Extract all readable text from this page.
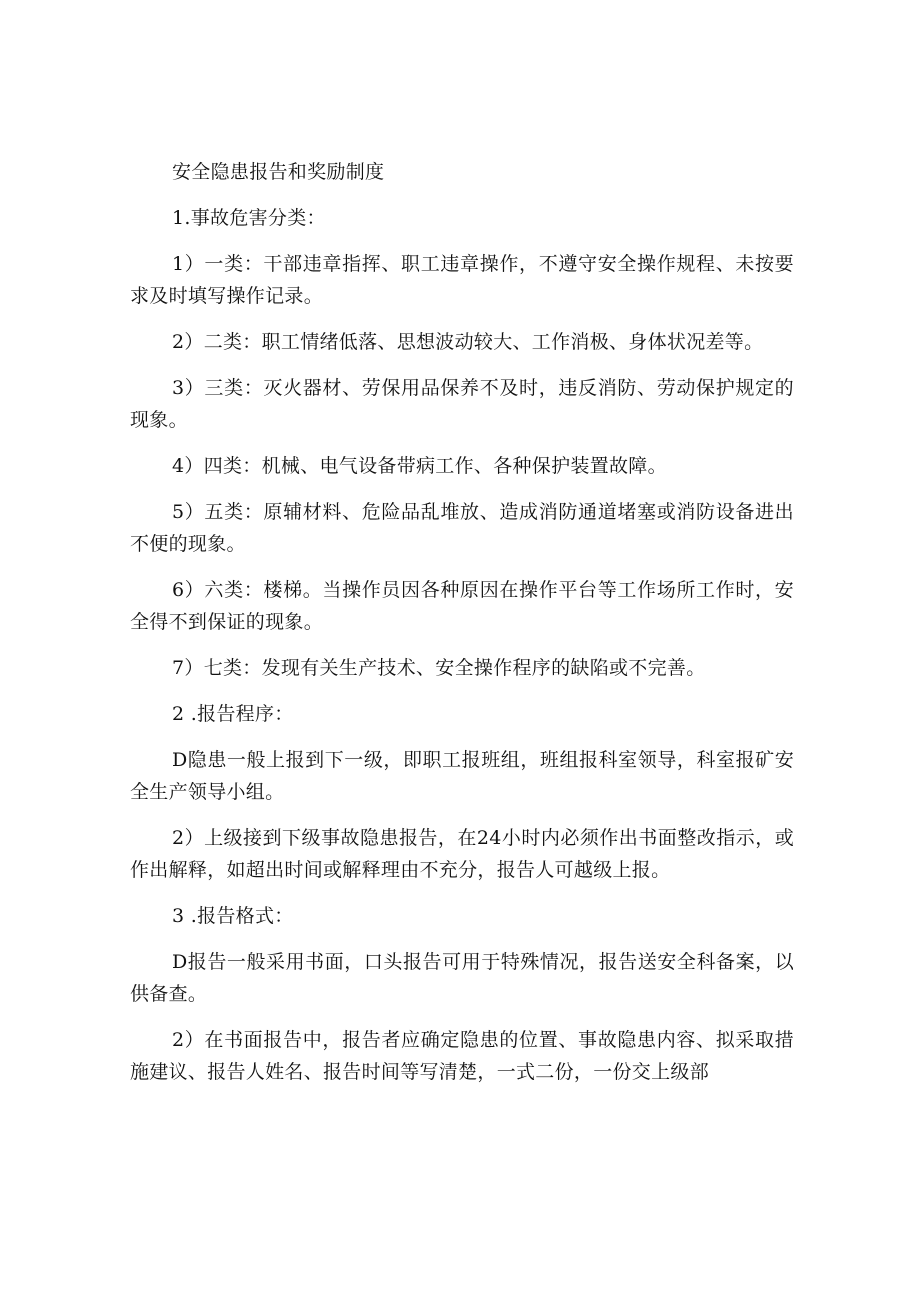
安全隐患报告和奖励制度

1.事故危害分类：

1）一类：干部违章指挥、职工违章操作，不遵守安全操作规程、未按要求及时填写操作记录。

2）二类：职工情绪低落、思想波动较大、工作消极、身体状况差等。

3）三类：灭火器材、劳保用品保养不及时，违反消防、劳动保护规定的现象。

4）四类：机械、电气设备带病工作、各种保护装置故障。

5）五类：原辅材料、危险品乱堆放、造成消防通道堵塞或消防设备进出不便的现象。

6）六类：楼梯。当操作员因各种原因在操作平台等工作场所工作时，安全得不到保证的现象。

7）七类：发现有关生产技术、安全操作程序的缺陷或不完善。

2 .报告程序：

D隐患一般上报到下一级，即职工报班组，班组报科室领导，科室报矿安全生产领导小组。

2）上级接到下级事故隐患报告，在24小时内必须作出书面整改指示，或作出解释，如超出时间或解释理由不充分，报告人可越级上报。

3 .报告格式：

D报告一般采用书面，口头报告可用于特殊情况，报告送安全科备案，以供备查。

2）在书面报告中，报告者应确定隐患的位置、事故隐患内容、拟采取措施建议、报告人姓名、报告时间等写清楚，一式二份，一份交上级部
